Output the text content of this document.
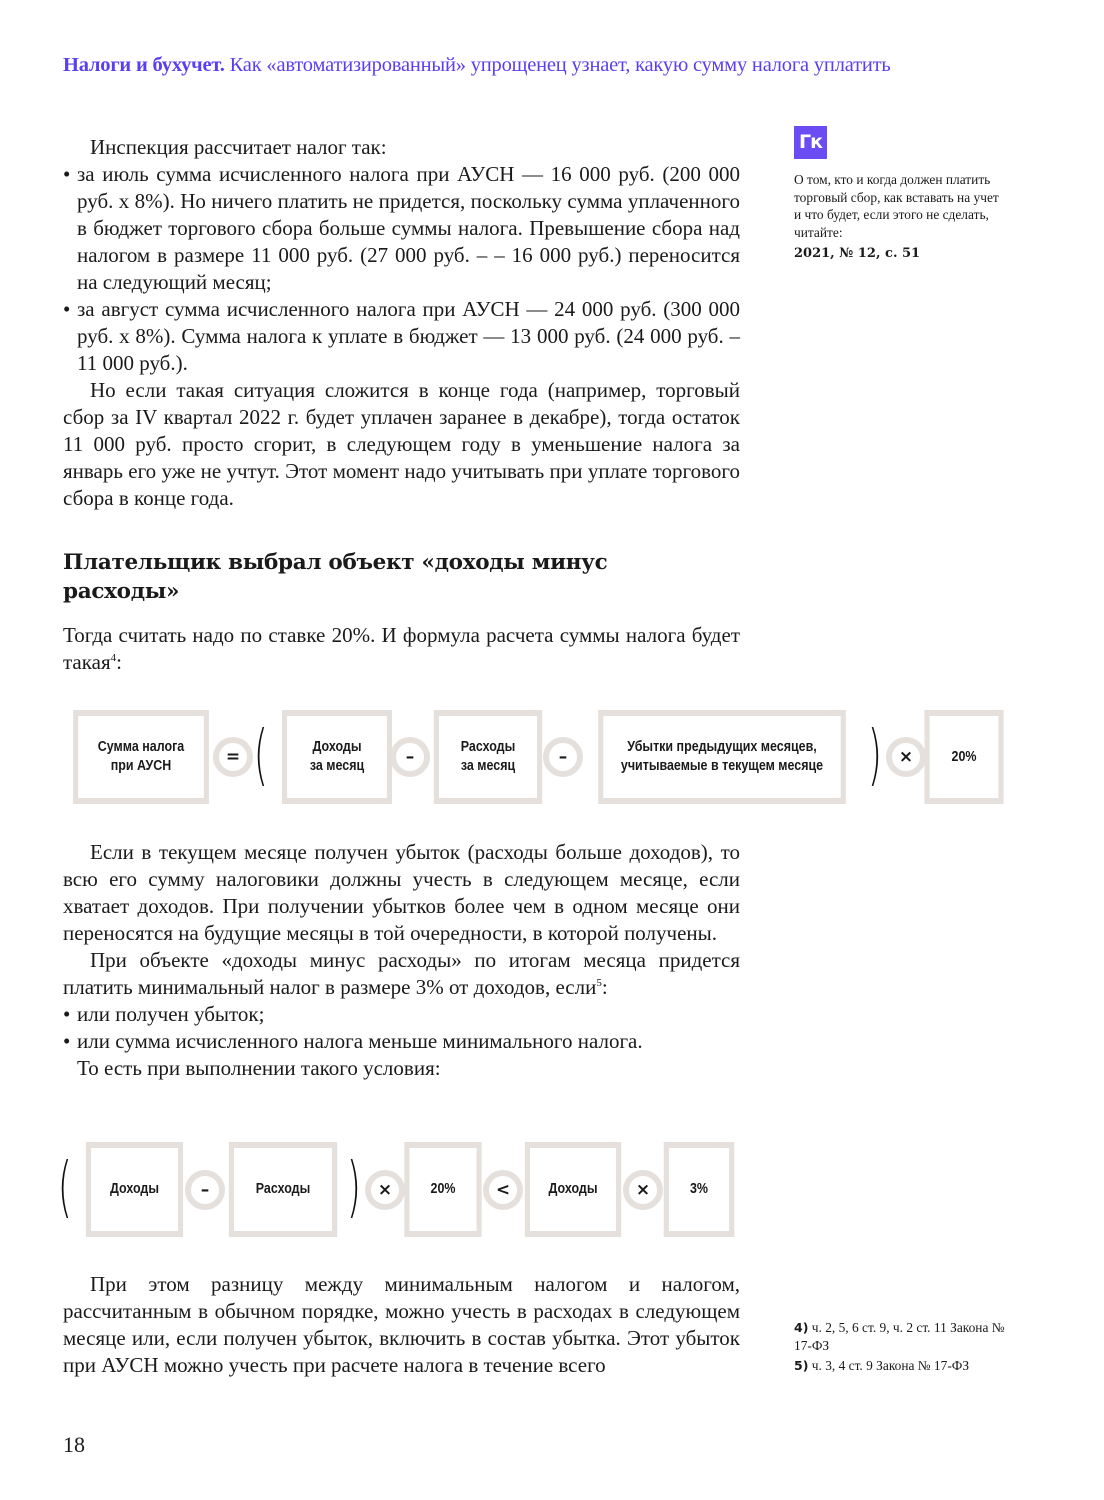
Налоги и бухучет. Как «автоматизированный» упрощенец узнает, какую сумму налога уплатить
Гк
О том, кто и когда должен платить торговый сбор, как вставать на учет и что будет, если этого не сделать, читайте:
2021, № 12, с. 51

Инспекция рассчитает налог так:

• за июль сумма исчисленного налога при АУСН — 16 000 руб. (200 000 руб. х 8%). Но ничего платить не придется, поскольку сумма уплаченного в бюджет торгового сбора больше суммы налога. Превышение сбора над налогом в размере 11 000 руб. (27 000 руб. – – 16 000 руб.) переносится на следующий месяц;
• за август сумма исчисленного налога при АУСН — 24 000 руб. (300 000 руб. х 8%). Сумма налога к уплате в бюджет — 13 000 руб. (24 000 руб. – 11 000 руб.).

Но если такая ситуация сложится в конце года (например, торговый сбор за IV квартал 2022 г. будет уплачен заранее в декабре), тогда остаток 11 000 руб. просто сгорит, в следующем году в уменьшение налога за январь его уже не учтут. Этот момент надо учитывать при уплате торгового сбора в конце года.

Плательщик выбрал объект «доходы минус расходы»

Тогда считать надо по ставке 20%. И формула расчета суммы налога будет такая$^4$:

Сумма налога
при АУСН	= (	Доходы
за месяц	–	Расходы
за месяц	–	Убытки предыдущих месяцев,
учитываемые в текущем месяце ) ×	20%

Если в текущем месяце получен убыток (расходы больше доходов), то всю его сумму налоговики должны учесть в следующем месяце, если хватает доходов. При получении убытков более чем в одном месяце они переносятся на будущие месяцы в той очередности, в которой получены.

При объекте «доходы минус расходы» по итогам месяца придется платить минимальный налог в размере 3% от доходов, если$^5$:

• или получен убыток;
• или сумма исчисленного налога меньше минимального налога.
То есть при выполнении такого условия:
(	Доходы	–	Расходы ) ×	20%	<	Доходы	×	3%

При этом разницу между минимальным налогом и налогом, рассчитанным в обычном порядке, можно учесть в расходах в следующем месяце или, если получен убыток, включить в состав убытка. Этот убыток при АУСН можно учесть при расчете налога в течение всего

4) ч. 2, 5, 6 ст. 9, ч. 2 ст. 11 Закона № 17-ФЗ
5) ч. 3, 4 ст. 9 Закона № 17-ФЗ
18
